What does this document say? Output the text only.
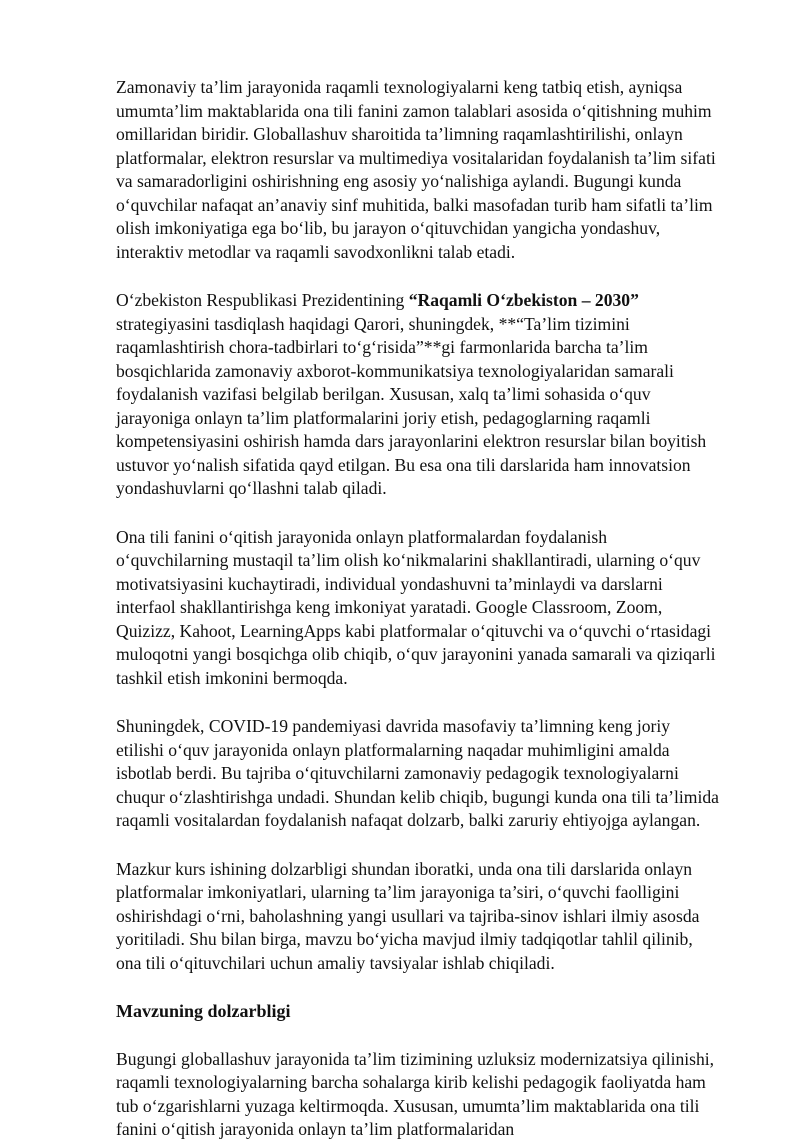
Zamonaviy ta’lim jarayonida raqamli texnologiyalarni keng tatbiq etish, ayniqsa umumta’lim maktablarida ona tili fanini zamon talablari asosida o‘qitishning muhim omillaridan biridir. Globallashuv sharoitida ta’limning raqamlashtirilishi, onlayn platformalar, elektron resurslar va multimediya vositalaridan foydalanish ta’lim sifati va samaradorligini oshirishning eng asosiy yo‘nalishiga aylandi. Bugungi kunda o‘quvchilar nafaqat an’anaviy sinf muhitida, balki masofadan turib ham sifatli ta’lim olish imkoniyatiga ega bo‘lib, bu jarayon o‘qituvchidan yangicha yondashuv, interaktiv metodlar va raqamli savodxonlikni talab etadi.

O‘zbekiston Respublikasi Prezidentining “Raqamli O‘zbekiston – 2030” strategiyasini tasdiqlash haqidagi Qarori, shuningdek, **“Ta’lim tizimini raqamlashtirish chora-tadbirlari to‘g‘risida”**gi farmonlarida barcha ta’lim bosqichlarida zamonaviy axborot-kommunikatsiya texnologiyalaridan samarali foydalanish vazifasi belgilab berilgan. Xususan, xalq ta’limi sohasida o‘quv jarayoniga onlayn ta’lim platformalarini joriy etish, pedagoglarning raqamli kompetensiyasini oshirish hamda dars jarayonlarini elektron resurslar bilan boyitish ustuvor yo‘nalish sifatida qayd etilgan. Bu esa ona tili darslarida ham innovatsion yondashuvlarni qo‘llashni talab qiladi.

Ona tili fanini o‘qitish jarayonida onlayn platformalardan foydalanish o‘quvchilarning mustaqil ta’lim olish ko‘nikmalarini shakllantiradi, ularning o‘quv motivatsiyasini kuchaytiradi, individual yondashuvni ta’minlaydi va darslarni interfaol shakllantirishga keng imkoniyat yaratadi. Google Classroom, Zoom, Quizizz, Kahoot, LearningApps kabi platformalar o‘qituvchi va o‘quvchi o‘rtasidagi muloqotni yangi bosqichga olib chiqib, o‘quv jarayonini yanada samarali va qiziqarli tashkil etish imkonini bermoqda.

Shuningdek, COVID-19 pandemiyasi davrida masofaviy ta’limning keng joriy etilishi o‘quv jarayonida onlayn platformalarning naqadar muhimligini amalda isbotlab berdi. Bu tajriba o‘qituvchilarni zamonaviy pedagogik texnologiyalarni chuqur o‘zlashtirishga undadi. Shundan kelib chiqib, bugungi kunda ona tili ta’limida raqamli vositalardan foydalanish nafaqat dolzarb, balki zaruriy ehtiyojga aylangan.

Mazkur kurs ishining dolzarbligi shundan iboratki, unda ona tili darslarida onlayn platformalar imkoniyatlari, ularning ta’lim jarayoniga ta’siri, o‘quvchi faolligini oshirishdagi o‘rni, baholashning yangi usullari va tajriba-sinov ishlari ilmiy asosda yoritiladi. Shu bilan birga, mavzu bo‘yicha mavjud ilmiy tadqiqotlar tahlil qilinib, ona tili o‘qituvchilari uchun amaliy tavsiyalar ishlab chiqiladi.

Mavzuning dolzarbligi

Bugungi globallashuv jarayonida ta’lim tizimining uzluksiz modernizatsiya qilinishi, raqamli texnologiyalarning barcha sohalarga kirib kelishi pedagogik faoliyatda ham tub o‘zgarishlarni yuzaga keltirmoqda. Xususan, umumta’lim maktablarida ona tili fanini o‘qitish jarayonida onlayn ta’lim platformalaridan
